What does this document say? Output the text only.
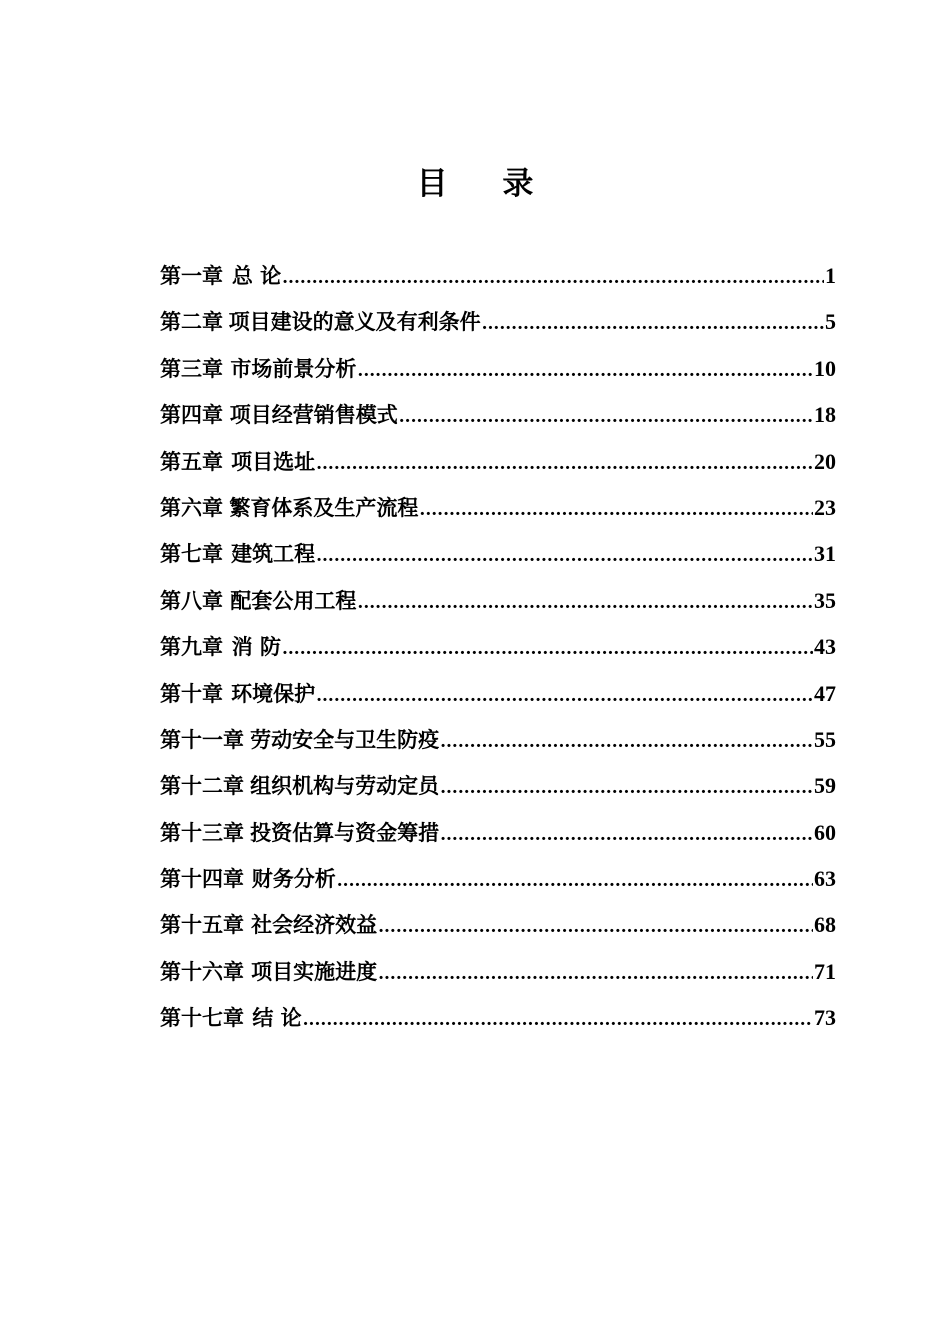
目 录
第一章 总 论 .....	1
第二章 项目建设的意义及有利条件 .....	5
第三章 市场前景分析 .....	10
第四章 项目经营销售模式 .....	18
第五章 项目选址 .....	20
第六章 繁育体系及生产流程 .....	23
第七章 建筑工程 .....	31
第八章 配套公用工程 .....	35
第九章 消 防 .....	43
第十章 环境保护 .....	47
第十一章 劳动安全与卫生防疫 .....	55
第十二章 组织机构与劳动定员 .....	59
第十三章 投资估算与资金筹措 .....	60
第十四章 财务分析 .....	63
第十五章 社会经济效益 .....	68
第十六章 项目实施进度 .....	71
第十七章 结 论 .....	73
